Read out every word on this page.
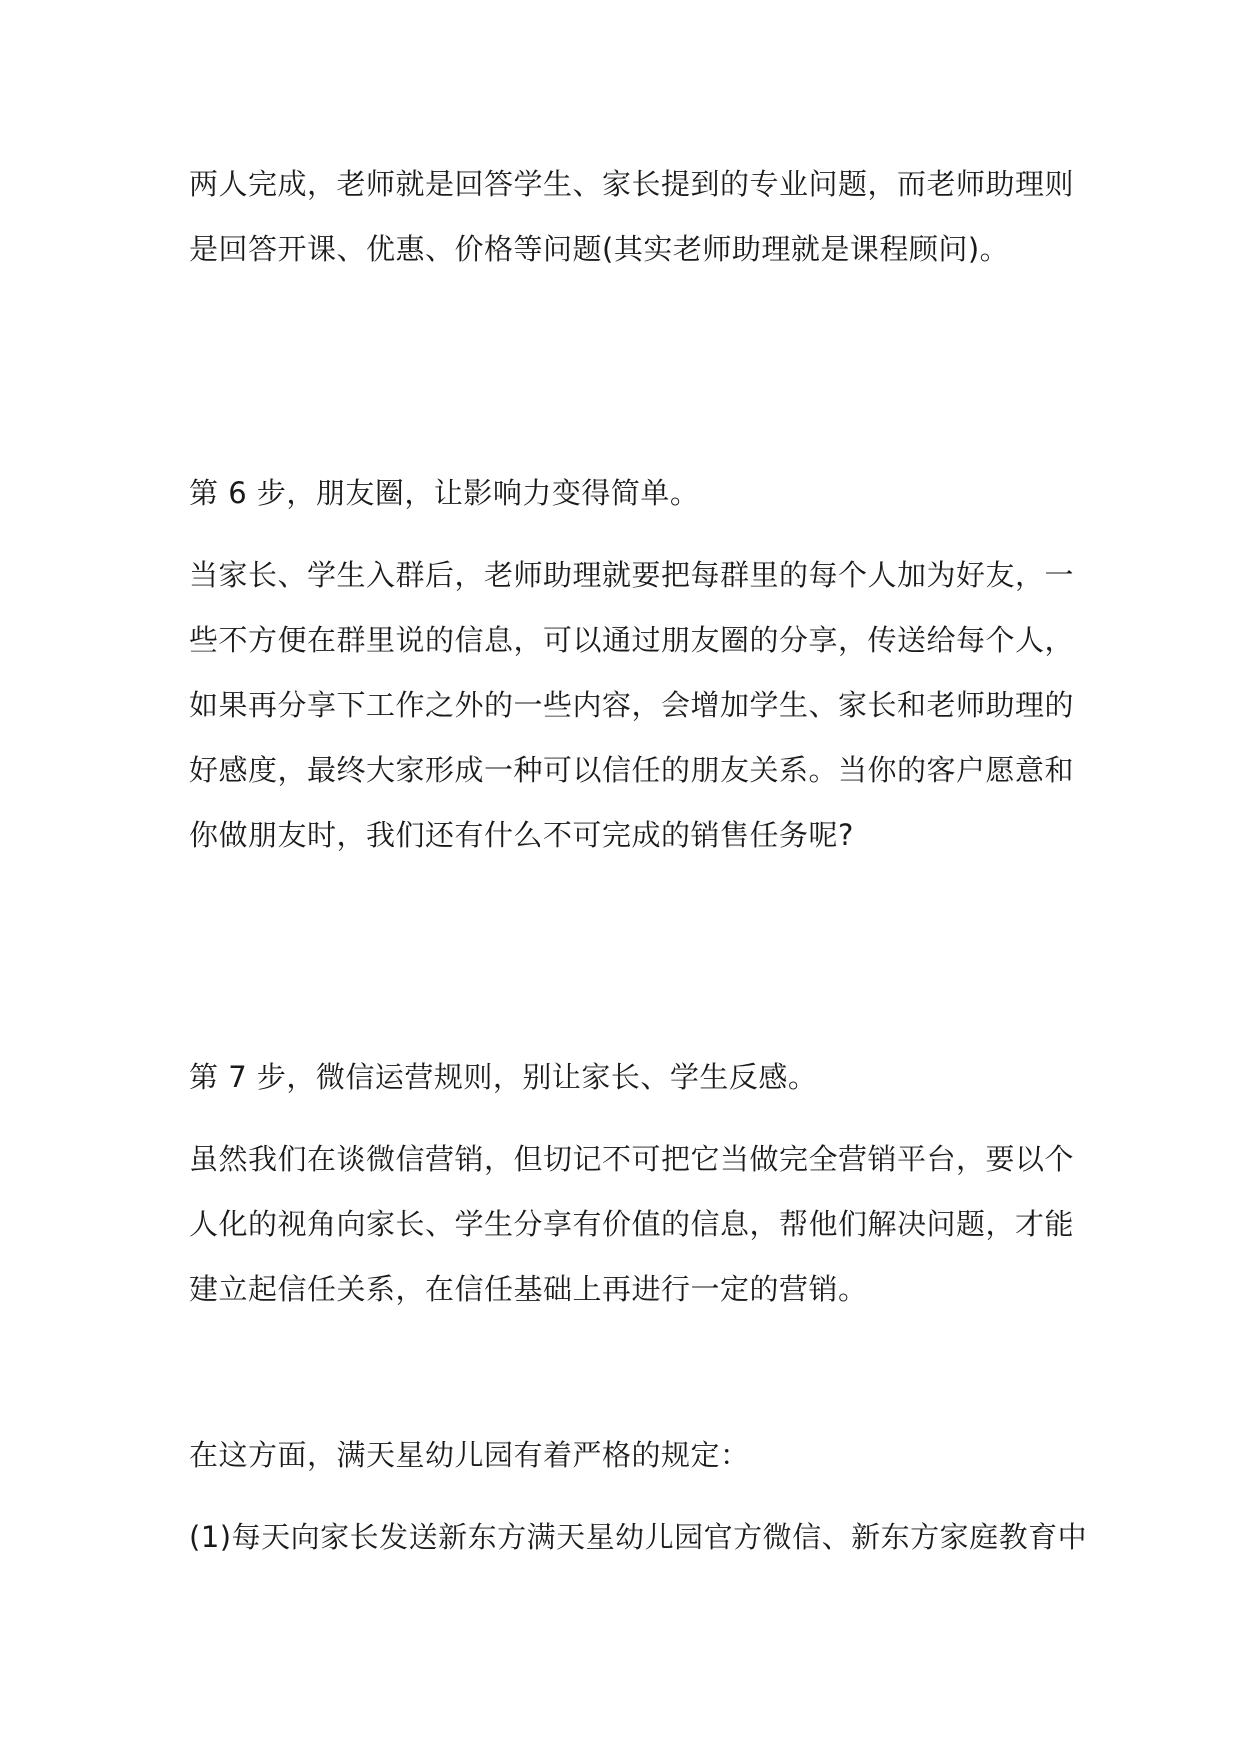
两人完成，老师就是回答学生、家长提到的专业问题，而老师助理则
是回答开课、优惠、价格等问题(其实老师助理就是课程顾问)。
第 6 步，朋友圈，让影响力变得简单。
当家长、学生入群后，老师助理就要把每群里的每个人加为好友，一
些不方便在群里说的信息，可以通过朋友圈的分享，传送给每个人，
如果再分享下工作之外的一些内容，会增加学生、家长和老师助理的
好感度，最终大家形成一种可以信任的朋友关系。当你的客户愿意和
你做朋友时，我们还有什么不可完成的销售任务呢?
第 7 步，微信运营规则，别让家长、学生反感。
虽然我们在谈微信营销，但切记不可把它当做完全营销平台，要以个
人化的视角向家长、学生分享有价值的信息，帮他们解决问题，才能
建立起信任关系，在信任基础上再进行一定的营销。
在这方面，满天星幼儿园有着严格的规定：
(1)每天向家长发送新东方满天星幼儿园官方微信、新东方家庭教育中
